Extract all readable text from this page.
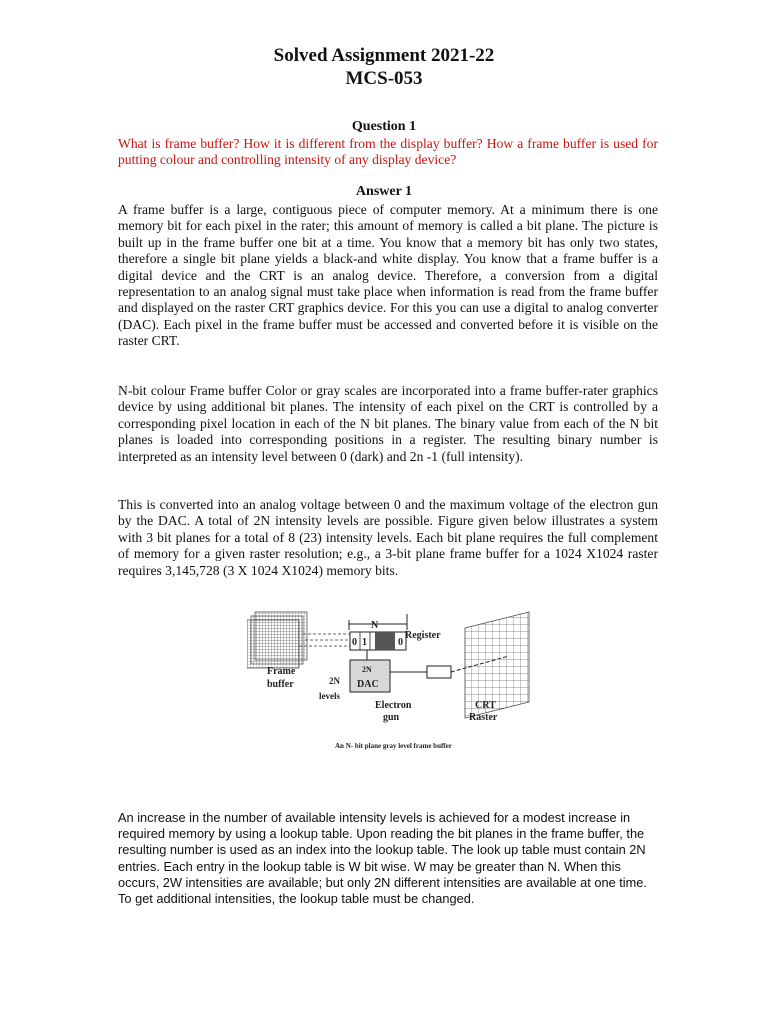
Solved Assignment 2021-22
MCS-053
Question 1

What is frame buffer? How it is different from the display buffer? How a frame buffer is used for putting colour and controlling intensity of any display device?

Answer 1

A frame buffer is a large, contiguous piece of computer memory. At a minimum there is one memory bit for each pixel in the rater; this amount of memory is called a bit plane. The picture is built up in the frame buffer one bit at a time. You know that a memory bit has only two states, therefore a single bit plane yields a black-and white display. You know that a frame buffer is a digital device and the CRT is an analog device. Therefore, a conversion from a digital representation to an analog signal must take place when information is read from the frame buffer and displayed on the raster CRT graphics device. For this you can use a digital to analog converter (DAC). Each pixel in the frame buffer must be accessed and converted before it is visible on the raster CRT.

N-bit colour Frame buffer Color or gray scales are incorporated into a frame buffer-rater graphics device by using additional bit planes. The intensity of each pixel on the CRT is controlled by a corresponding pixel location in each of the N bit planes. The binary value from each of the N bit planes is loaded into corresponding positions in a register. The resulting binary number is interpreted as an intensity level between 0 (dark) and 2n -1 (full intensity).

This is converted into an analog voltage between 0 and the maximum voltage of the electron gun by the DAC. A total of 2N intensity levels are possible. Figure given below illustrates a system with 3 bit planes for a total of 8 (23) intensity levels. Each bit plane requires the full complement of memory for a given raster resolution; e.g., a 3-bit plane frame buffer for a 1024 X1024 raster requires 3,145,728 (3 X 1024 X1024) memory bits.

N
0 1	0
Register
2N
DAC
Frame
buffer	2N
levels
Electron
gun
CRT
Raster
An N- bit plane gray level frame buffer

An increase in the number of available intensity levels is achieved for a modest increase in required memory by using a lookup table. Upon reading the bit planes in the frame buffer, the resulting number is used as an index into the lookup table. The look up table must contain 2N entries. Each entry in the lookup table is W bit wise. W may be greater than N. When this occurs, 2W intensities are available; but only 2N different intensities are available at one time. To get additional intensities, the lookup table must be changed.
